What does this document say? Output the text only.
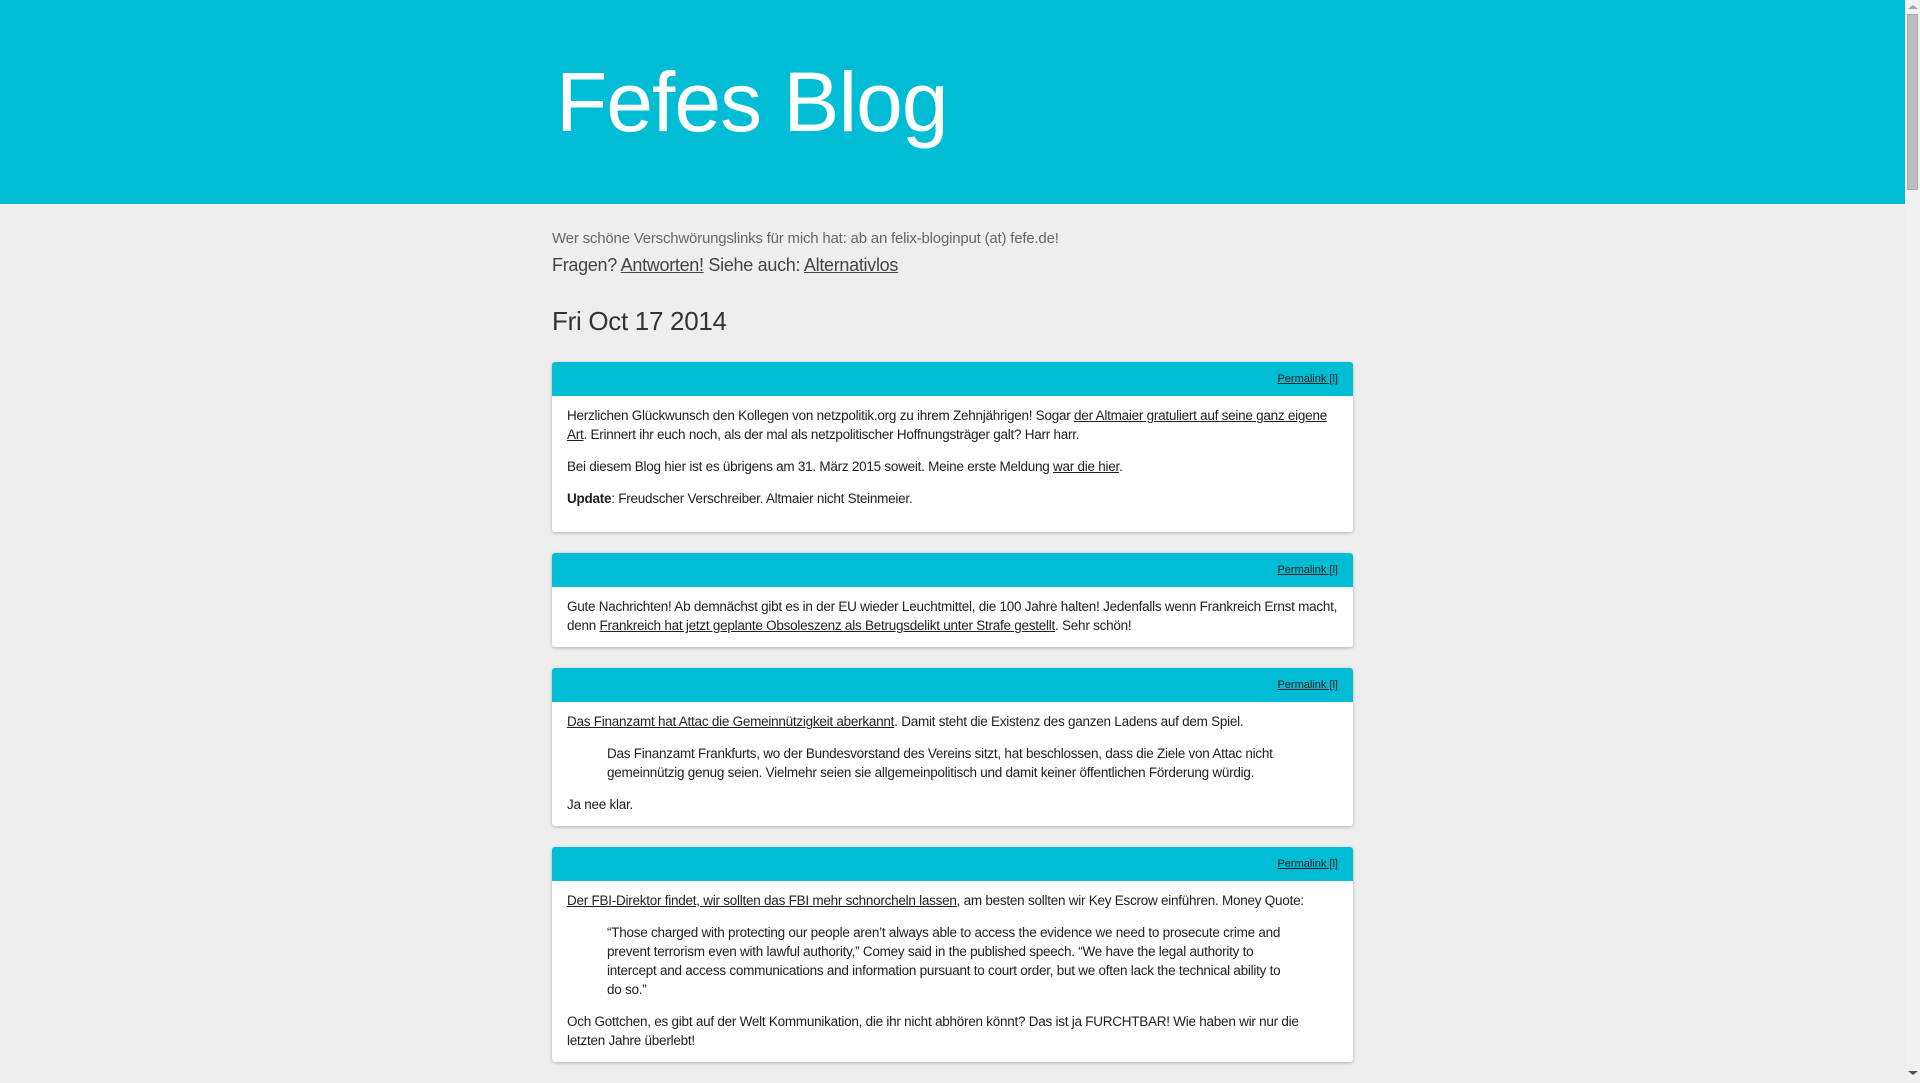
Fefes Blog

Wer schöne Verschwörungslinks für mich hat: ab an felix-bloginput (at) fefe.de!

Fragen? Antworten! Siehe auch: Alternativlos

Fri Oct 17 2014
Permalink [l]

Herzlichen Glückwunsch den Kollegen von netzpolitik.org zu ihrem Zehnjährigen! Sogar der Altmaier gratuliert auf seine ganz eigene Art. Erinnert ihr euch noch, als der mal als netzpolitischer Hoffnungsträger galt? Harr harr.

Bei diesem Blog hier ist es übrigens am 31. März 2015 soweit. Meine erste Meldung war die hier.

Update: Freudscher Verschreiber. Altmaier nicht Steinmeier.

Permalink [l]

Gute Nachrichten! Ab demnächst gibt es in der EU wieder Leuchtmittel, die 100 Jahre halten! Jedenfalls wenn Frankreich Ernst macht, denn Frankreich hat jetzt geplante Obsoleszenz als Betrugsdelikt unter Strafe gestellt. Sehr schön!

Permalink [l]

Das Finanzamt hat Attac die Gemeinnützigkeit aberkannt. Damit steht die Existenz des ganzen Ladens auf dem Spiel.

Das Finanzamt Frankfurts, wo der Bundesvorstand des Vereins sitzt, hat beschlossen, dass die Ziele von Attac nicht gemeinnützig genug seien. Vielmehr seien sie allgemeinpolitisch und damit keiner öffentlichen Förderung würdig.

Ja nee klar.

Permalink [l]

Der FBI-Direktor findet, wir sollten das FBI mehr schnorcheln lassen, am besten sollten wir Key Escrow einführen. Money Quote:

“Those charged with protecting our people aren’t always able to access the evidence we need to prosecute crime and prevent terrorism even with lawful authority,” Comey said in the published speech. “We have the legal authority to intercept and access communications and information pursuant to court order, but we often lack the technical ability to do so.”

Och Gottchen, es gibt auf der Welt Kommunikation, die ihr nicht abhören könnt? Das ist ja FURCHTBAR! Wie haben wir nur die letzten Jahre überlebt!
